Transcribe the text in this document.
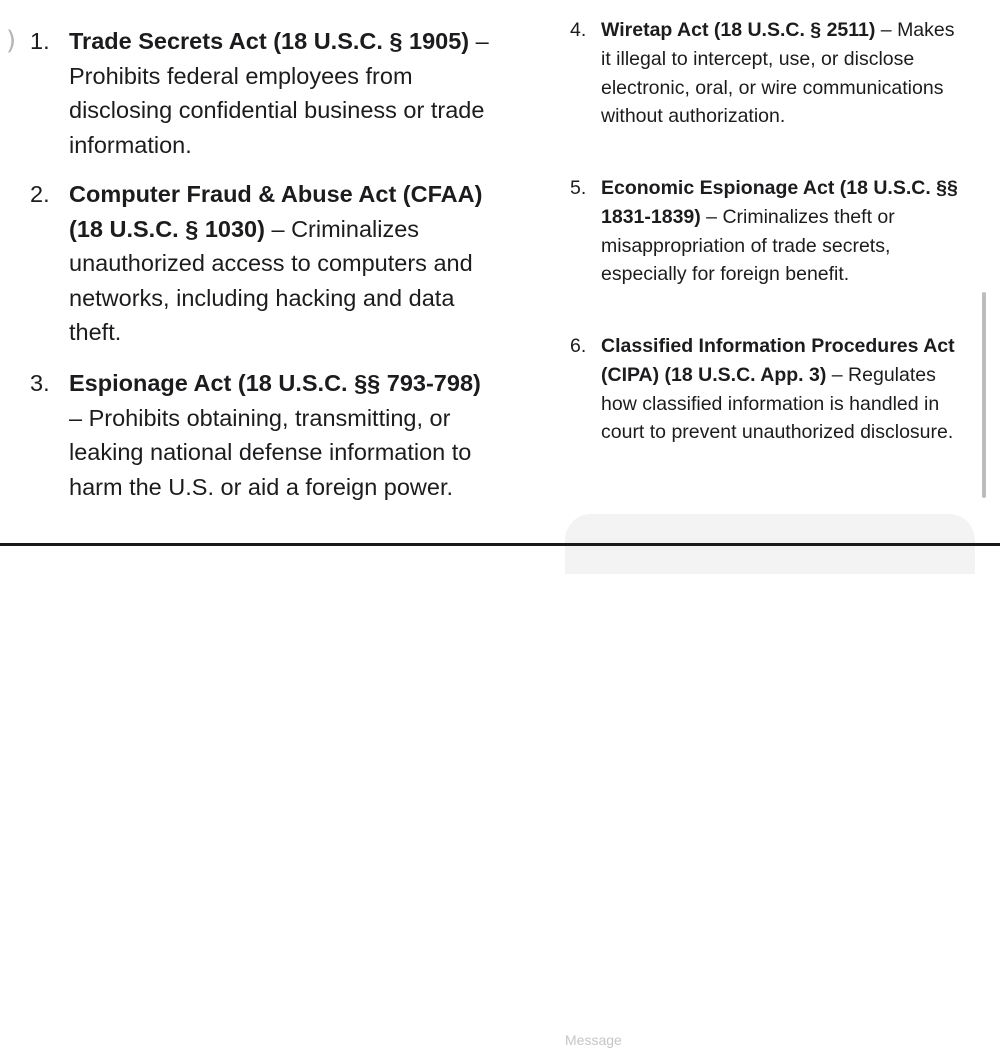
) 1. Trade Secrets Act (18 U.S.C. § 1905) – Prohibits federal employees from disclosing confidential business or trade information.
2. Computer Fraud & Abuse Act (CFAA) (18 U.S.C. § 1030) – Criminalizes unauthorized access to computers and networks, including hacking and data theft.
3. Espionage Act (18 U.S.C. §§ 793-798) – Prohibits obtaining, transmitting, or leaking national defense information to harm the U.S. or aid a foreign power.
4. Wiretap Act (18 U.S.C. § 2511) – Makes it illegal to intercept, use, or disclose electronic, oral, or wire communications without authorization.
5. Economic Espionage Act (18 U.S.C. §§ 1831-1839) – Criminalizes theft or misappropriation of trade secrets, especially for foreign benefit.
6. Classified Information Procedures Act (CIPA) (18 U.S.C. App. 3) – Regulates how classified information is handled in court to prevent unauthorized disclosure.
Message
